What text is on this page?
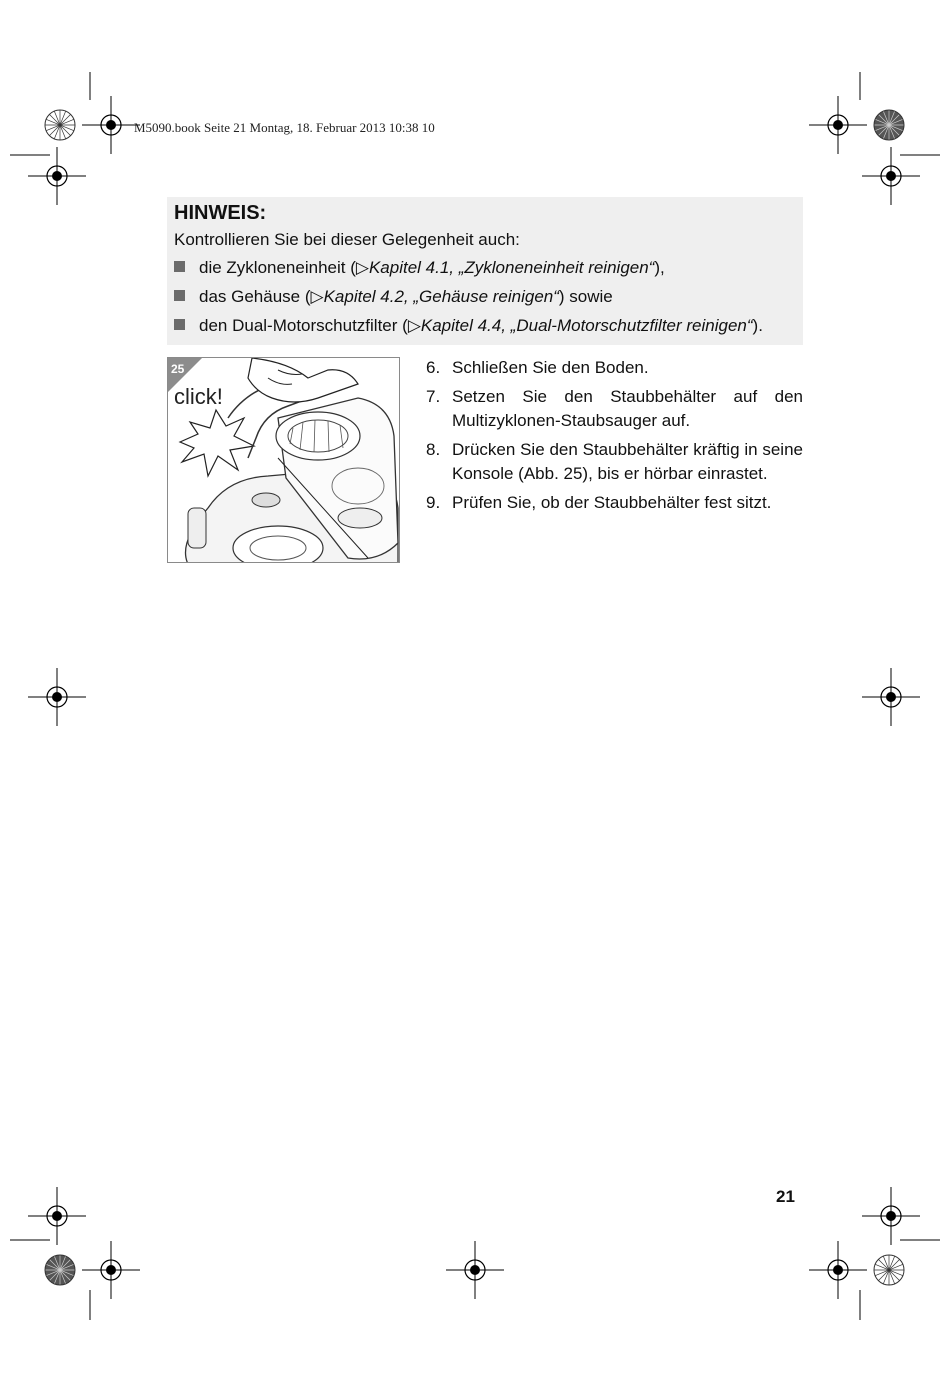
M5090.book Seite 21 Montag, 18. Februar 2013 10:38 10
HINWEIS:
Kontrollieren Sie bei dieser Gelegenheit auch:
die Zykloneneinheit (▷Kapitel 4.1, „Zykloneneinheit reinigen“),
das Gehäuse (▷Kapitel 4.2, „Gehäuse reinigen“) sowie
den Dual-Motorschutzfilter (▷Kapitel 4.4, „Dual-Motorschutzfilter reinigen“).
25
click!
6. Schließen Sie den Boden.
7. Setzen Sie den Staubbehälter auf den Multizyklonen-Staubsauger auf.
8. Drücken Sie den Staubbehälter kräftig in seine Konsole (Abb. 25), bis er hörbar einrastet.
9. Prüfen Sie, ob der Staubbehälter fest sitzt.
21
